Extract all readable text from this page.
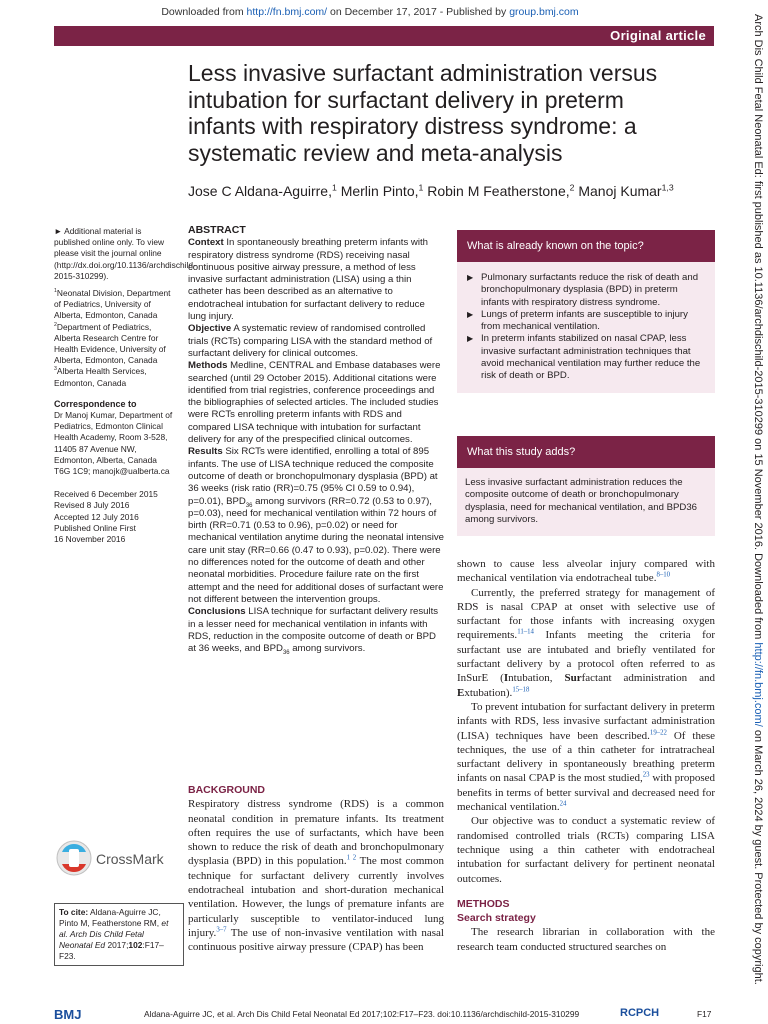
Downloaded from http://fn.bmj.com/ on December 17, 2017 - Published by group.bmj.com
Original article
Less invasive surfactant administration versus intubation for surfactant delivery in preterm infants with respiratory distress syndrome: a systematic review and meta-analysis
Jose C Aldana-Aguirre,$^1$ Merlin Pinto,$^1$ Robin M Featherstone,$^2$ Manoj Kumar$^{1,3}$

► Additional material is published online only. To view please visit the journal online (http://dx.doi.org/10.1136/archdischild-2015-310299).

$^1$Neonatal Division, Department of Pediatrics, University of Alberta, Edmonton, Canada

$^2$Department of Pediatrics, Alberta Research Centre for Health Evidence, University of Alberta, Edmonton, Canada

$^3$Alberta Health Services, Edmonton, Canada

Correspondence to

Dr Manoj Kumar, Department of Pediatrics, Edmonton Clinical Health Academy, Room 3-528, 11405 87 Avenue NW, Edmonton, Alberta, Canada T6G 1C9; manojk@ualberta.ca

Received 6 December 2015

Revised 8 July 2016

Accepted 12 July 2016

Published Online First

16 November 2016

ABSTRACT

Context In spontaneously breathing preterm infants with respiratory distress syndrome (RDS) receiving nasal continuous positive airway pressure, a method of less invasive surfactant administration (LISA) using a thin catheter has been described as an alternative to endotracheal intubation for surfactant delivery to reduce lung injury.

Objective A systematic review of randomised controlled trials (RCTs) comparing LISA with the standard method of surfactant delivery for clinical outcomes.

Methods Medline, CENTRAL and Embase databases were searched (until 29 October 2015). Additional citations were identified from trial registries, conference proceedings and the bibliographies of selected articles. The included studies were RCTs enrolling preterm infants with RDS and compared LISA technique with intubation for surfactant delivery for any of the prespecified clinical outcomes.

Results Six RCTs were identified, enrolling a total of 895 infants. The use of LISA technique reduced the composite outcome of death or bronchopulmonary dysplasia (BPD) at 36 weeks (risk ratio (RR)=0.75 (95% CI 0.59 to 0.94), p=0.01), $BPD_{36}$ among survivors (RR=0.72 (0.53 to 0.97), p=0.03), need for mechanical ventilation within 72 hours of birth (RR=0.71 (0.53 to 0.96), p=0.02) or need for mechanical ventilation anytime during the neonatal intensive care unit stay (RR=0.66 (0.47 to 0.93), p=0.02). There were no differences noted for the outcome of death and other neonatal morbidities. Procedure failure rate on the first attempt and the need for additional doses of surfactant were not different between the intervention groups.

Conclusions LISA technique for surfactant delivery results in a lesser need for mechanical ventilation in infants with RDS, reduction in the composite outcome of death or BPD at 36 weeks, and $BPD_{36}$ among survivors.

What is already known on the topic?
▶ Pulmonary surfactants reduce the risk of death and bronchopulmonary dysplasia (BPD) in preterm infants with respiratory distress syndrome.
▶ Lungs of preterm infants are susceptible to injury from mechanical ventilation.
▶ In preterm infants stabilized on nasal CPAP, less invasive surfactant administration techniques that avoid mechanical ventilation may further reduce the risk of death or BPD.
What this study adds?
Less invasive surfactant administration reduces the composite outcome of death or bronchopulmonary dysplasia, need for mechanical ventilation, and BPD36 among survivors.

shown to cause less alveolar injury compared with mechanical ventilation via endotracheal tube.$^{8-10}$

Currently, the preferred strategy for management of RDS is nasal CPAP at onset with selective use of surfactant for those infants with increasing oxygen requirements.$^{11-14}$ Infants meeting the criteria for surfactant use are intubated and briefly ventilated for surfactant delivery by a protocol often referred to as InSurE (Intubation, Surfactant administration and Extubation).$^{15-18}$

To prevent intubation for surfactant delivery in preterm infants with RDS, less invasive surfactant administration (LISA) techniques have been described.$^{19-22}$ Of these techniques, the use of a thin catheter for intratracheal surfactant delivery in spontaneously breathing preterm infants on nasal CPAP is the most studied,$^{23}$ with proposed benefits in terms of better survival and decreased need for mechanical ventilation.$^{24}$

Our objective was to conduct a systematic review of randomised controlled trials (RCTs) comparing LISA technique using a thin catheter with endotracheal intubation for surfactant delivery for pertinent neonatal outcomes.

METHODS

Search strategy

The research librarian in collaboration with the research team conducted structured searches on

BACKGROUND

Respiratory distress syndrome (RDS) is a common neonatal condition in premature infants. Its treatment often requires the use of surfactants, which have been shown to reduce the risk of death and bronchopulmonary dysplasia (BPD) in this population.$^{1 2}$ The most common technique for surfactant delivery currently involves endotracheal intubation and short-duration mechanical ventilation. However, the lungs of premature infants are particularly susceptible to ventilator-induced lung injury.$^{3-7}$ The use of non-invasive ventilation with nasal continuous positive airway pressure (CPAP) has been

CrossMark
To cite: Aldana-Aguirre JC, Pinto M, Featherstone RM, et al. Arch Dis Child Fetal Neonatal Ed 2017;102:F17–F23.
BMJ	Aldana-Aguirre JC, et al. Arch Dis Child Fetal Neonatal Ed 2017;102:F17–F23. doi:10.1136/archdischild-2015-310299	RCPCH	F17
Arch Dis Child Fetal Neonatal Ed: first published as 10.1136/archdischild-2015-310299 on 15 November 2016. Downloaded from http://fn.bmj.com/ on March 26, 2024 by guest. Protected by copyright.
